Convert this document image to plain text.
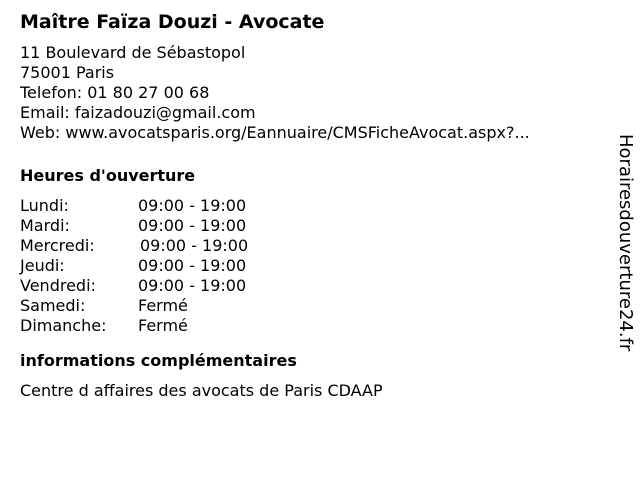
Maître Faïza Douzi - Avocate
11 Boulevard de Sébastopol
75001 Paris
Telefon: 01 80 27 00 68
Email: faizadouzi@gmail.com
Web: www.avocatsparis.org/Eannuaire/CMSFicheAvocat.aspx?...
Heures d'ouverture
Lundi:	09:00 - 19:00
Mardi:	09:00 - 19:00
Mercredi:	09:00 - 19:00
Jeudi:	09:00 - 19:00
Vendredi:	09:00 - 19:00
Samedi:	Fermé
Dimanche:	Fermé
informations complémentaires
Centre d affaires des avocats de Paris CDAAP
Horairesdouverture24.fr
